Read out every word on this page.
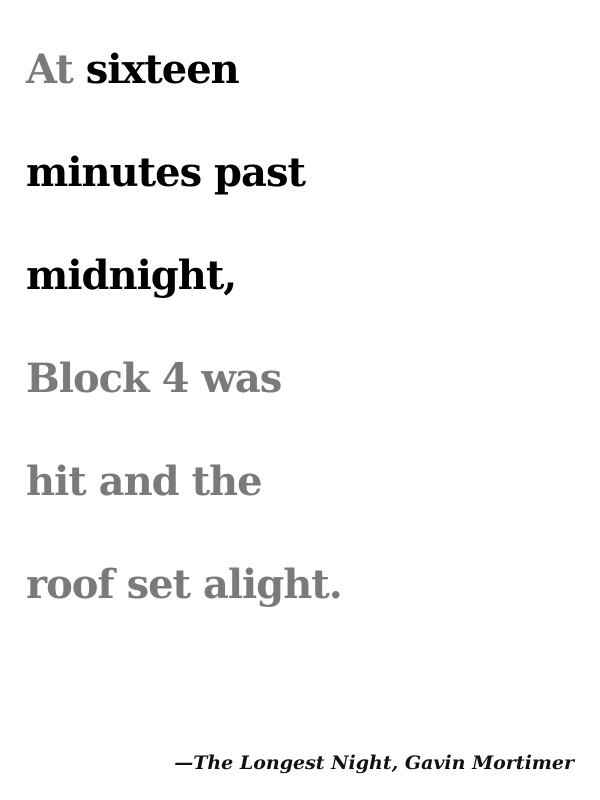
At sixteen
minutes past
midnight,
Block 4 was
hit and the
roof set alight.

—The Longest Night, Gavin Mortimer
